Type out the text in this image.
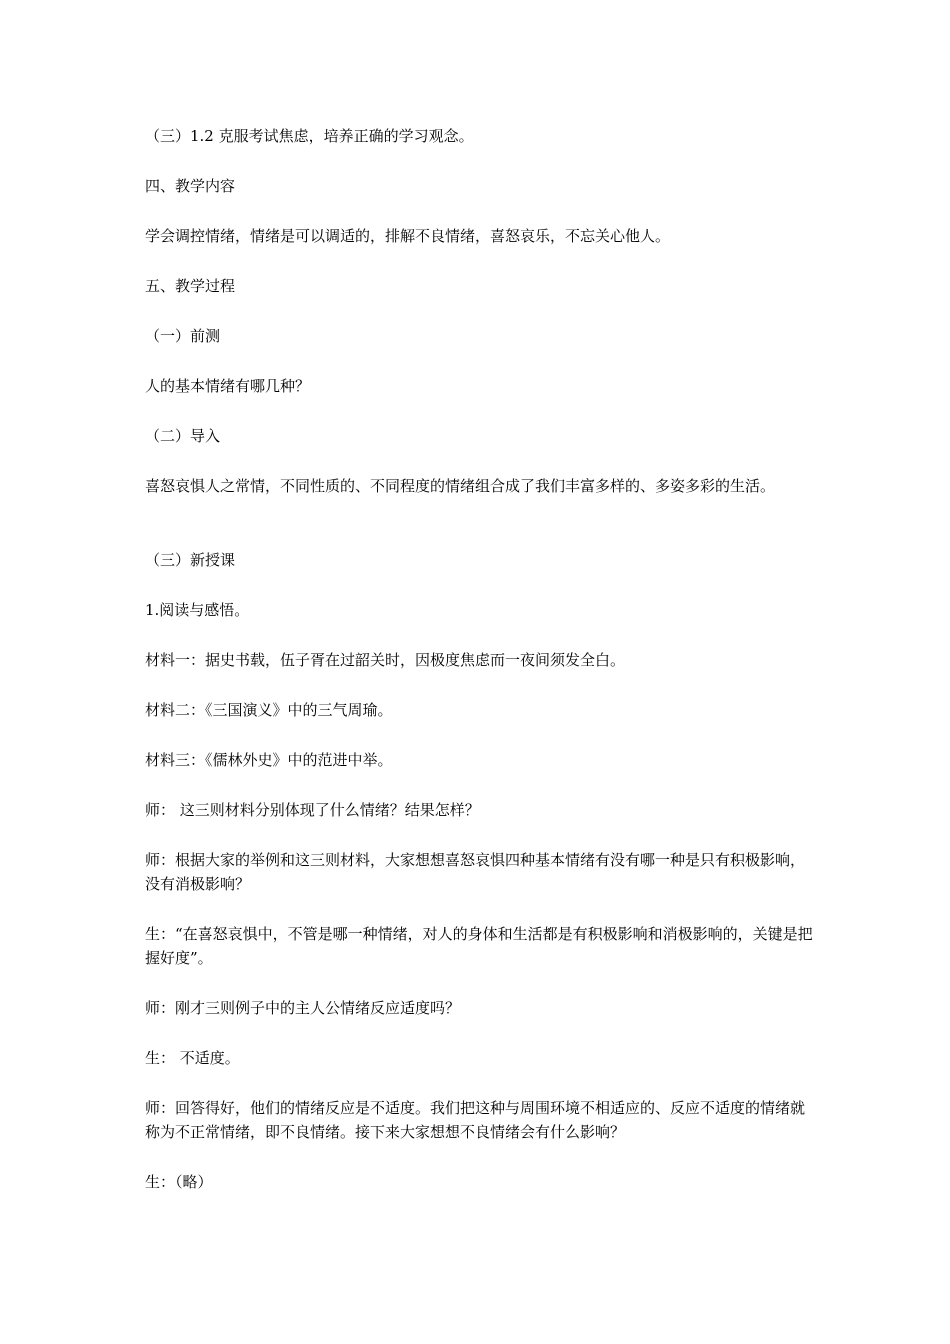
（三）1.2 克服考试焦虑，培养正确的学习观念。

四、教学内容

学会调控情绪，情绪是可以调适的，排解不良情绪，喜怒哀乐，不忘关心他人。

五、教学过程

（一）前测

人的基本情绪有哪几种？

（二）导入

喜怒哀惧人之常情，不同性质的、不同程度的情绪组合成了我们丰富多样的、多姿多彩的生活。

（三）新授课

1.阅读与感悟。

材料一：据史书载，伍子胥在过韶关时，因极度焦虑而一夜间须发全白。

材料二：《三国演义》中的三气周瑜。

材料三：《儒林外史》中的范进中举。

师： 这三则材料分别体现了什么情绪？结果怎样？

师：根据大家的举例和这三则材料，大家想想喜怒哀惧四种基本情绪有没有哪一种是只有积极影响，没有消极影响？

生：“在喜怒哀惧中，不管是哪一种情绪，对人的身体和生活都是有积极影响和消极影响的，关键是把握好度”。

师：刚才三则例子中的主人公情绪反应适度吗？

生： 不适度。

师：回答得好，他们的情绪反应是不适度。我们把这种与周围环境不相适应的、反应不适度的情绪就称为不正常情绪，即不良情绪。接下来大家想想不良情绪会有什么影响？

生：（略）
